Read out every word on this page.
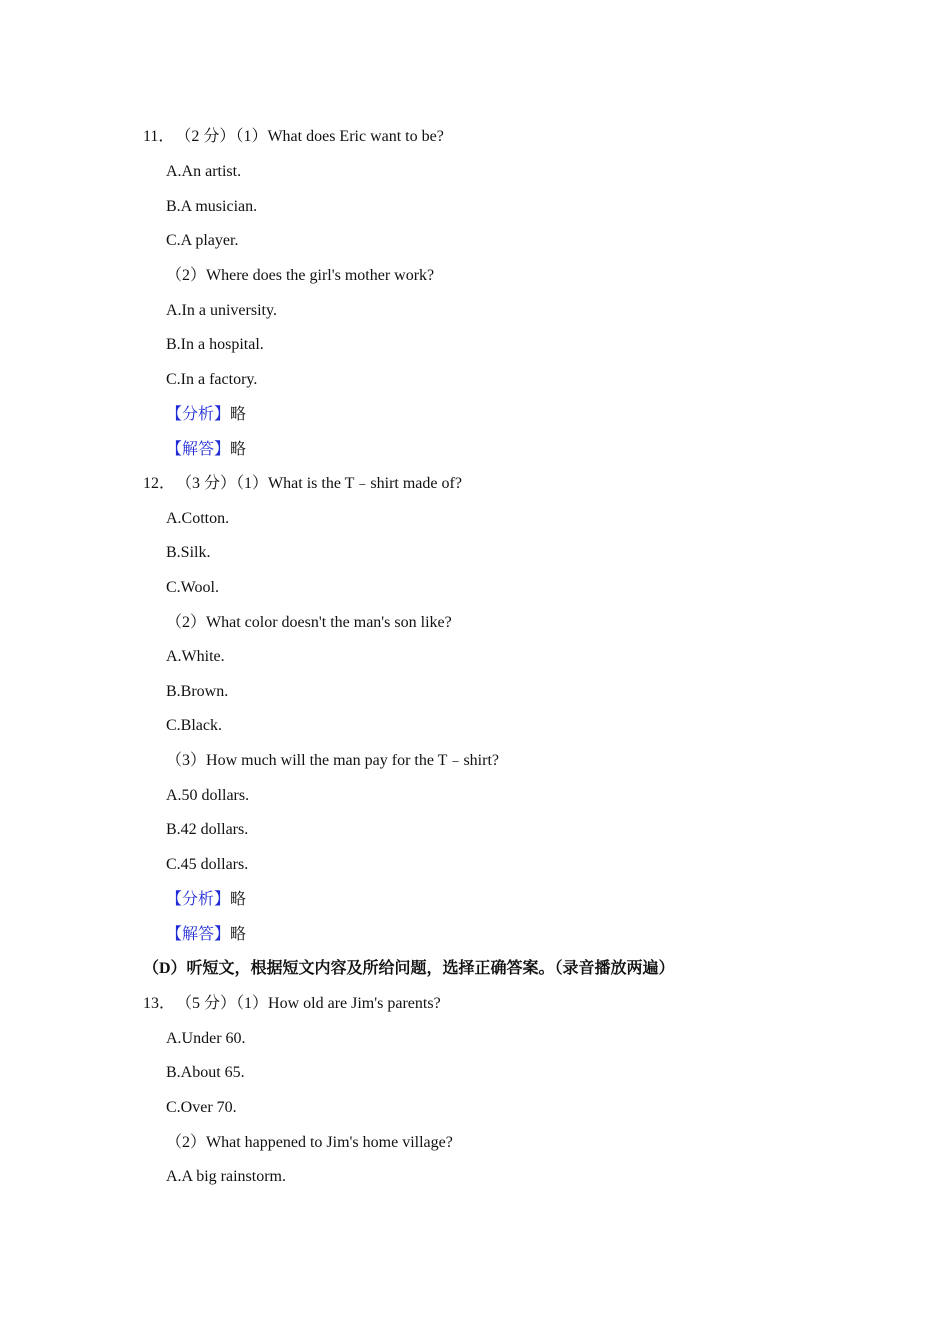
11． （2 分）（1）What does Eric want to be?
A.An artist.
B.A musician.
C.A player.
（2）Where does the girl's mother work?
A.In a university.
B.In a hospital.
C.In a factory.
【分析】略
【解答】略
12． （3 分）（1）What is the T﹣shirt made of?
A.Cotton.
B.Silk.
C.Wool.
（2）What color doesn't the man's son like?
A.White.
B.Brown.
C.Black.
（3）How much will the man pay for the T﹣shirt?
A.50 dollars.
B.42 dollars.
C.45 dollars.
【分析】略
【解答】略
（D）听短文，根据短文内容及所给问题，选择正确答案。（录音播放两遍）
13． （5 分）（1）How old are Jim's parents?
A.Under 60.
B.About 65.
C.Over 70.
（2）What happened to Jim's home village?
A.A big rainstorm.
